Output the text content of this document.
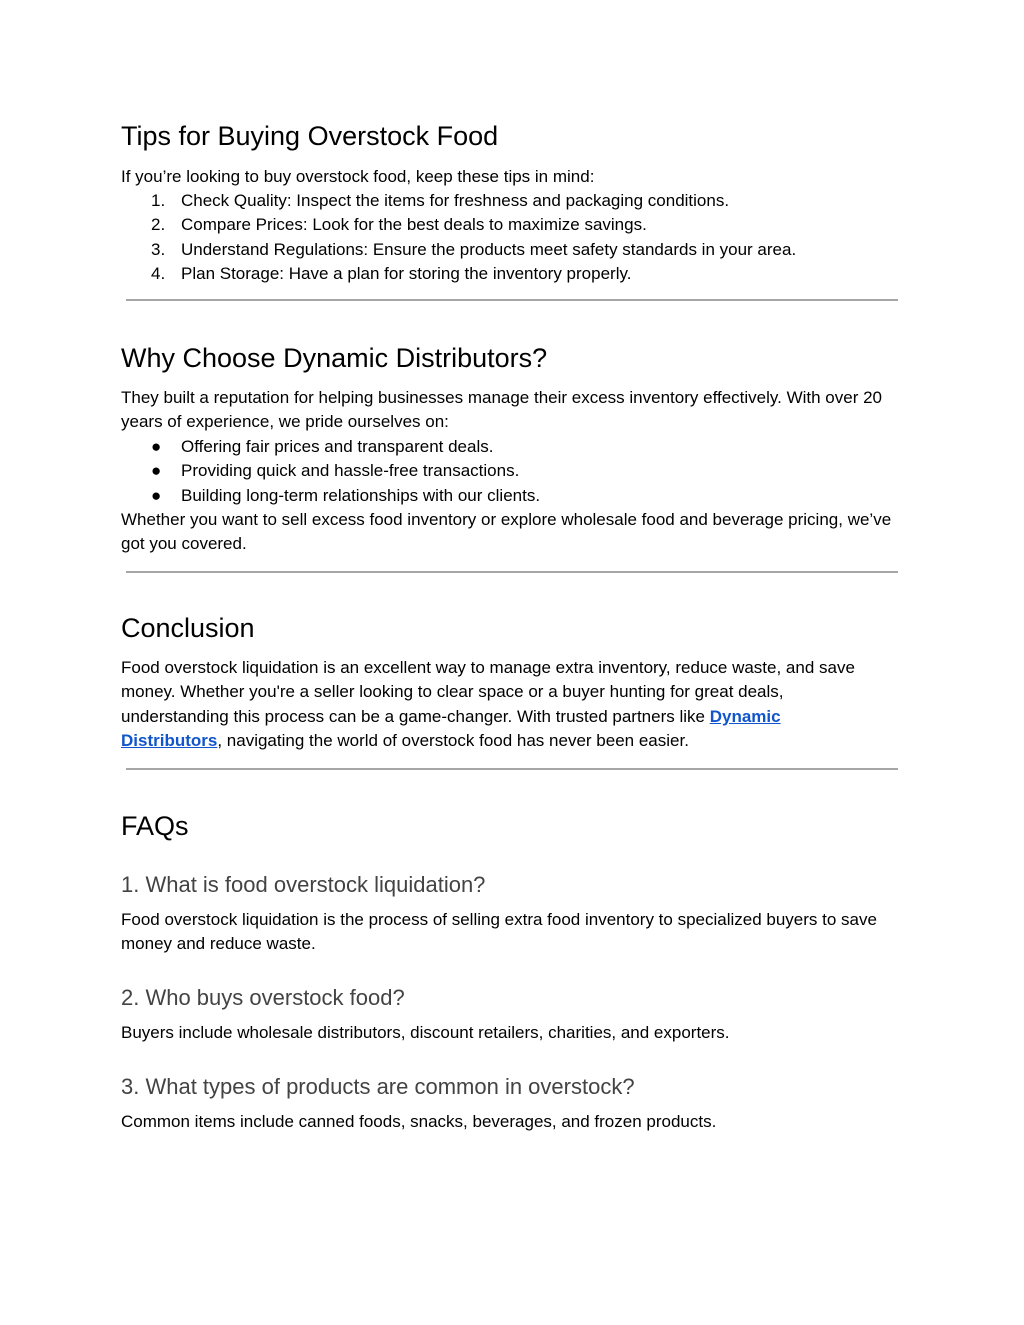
Tips for Buying Overstock Food

If you’re looking to buy overstock food, keep these tips in mind:

1. Check Quality: Inspect the items for freshness and packaging conditions.
2. Compare Prices: Look for the best deals to maximize savings.
3. Understand Regulations: Ensure the products meet safety standards in your area.
4. Plan Storage: Have a plan for storing the inventory properly.
Why Choose Dynamic Distributors?

They built a reputation for helping businesses manage their excess inventory effectively. With over 20 years of experience, we pride ourselves on:

●	Offering fair prices and transparent deals.
●	Providing quick and hassle-free transactions.
●	Building long-term relationships with our clients.

Whether you want to sell excess food inventory or explore wholesale food and beverage pricing, we’ve got you covered.

Conclusion

Food overstock liquidation is an excellent way to manage extra inventory, reduce waste, and save money. Whether you're a seller looking to clear space or a buyer hunting for great deals, understanding this process can be a game-changer. With trusted partners like Dynamic Distributors, navigating the world of overstock food has never been easier.

FAQs
1. What is food overstock liquidation?

Food overstock liquidation is the process of selling extra food inventory to specialized buyers to save money and reduce waste.

2. Who buys overstock food?

Buyers include wholesale distributors, discount retailers, charities, and exporters.

3. What types of products are common in overstock?

Common items include canned foods, snacks, beverages, and frozen products.
